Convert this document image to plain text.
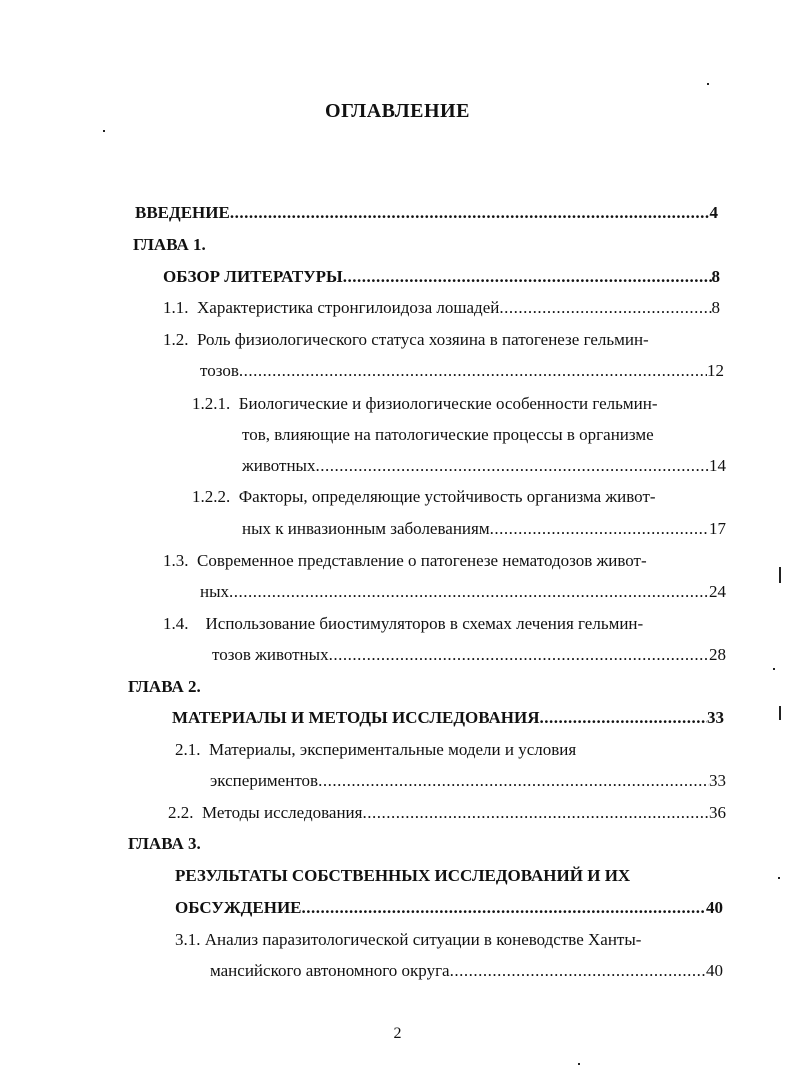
ОГЛАВЛЕНИЕ
ВВЕДЕНИЕ .....	4
ГЛАВА 1.
ОБЗОР ЛИТЕРАТУРЫ .....	8
1.1. Характеристика стронгилоидоза лошадей .....	8
1.2. Роль физиологического статуса хозяина в патогенезе гельмин-
тозов .....	12
1.2.1. Биологические и физиологические особенности гельмин-
тов, влияющие на патологические процессы в организме
животных .....	14
1.2.2. Факторы, определяющие устойчивость организма живот-
ных к инвазионным заболеваниям .....	17
1.3. Современное представление о патогенезе нематодозов живот-
ных .....	24
1.4. Использование биостимуляторов в схемах лечения гельмин-
тозов животных .....	28
ГЛАВА 2.
МАТЕРИАЛЫ И МЕТОДЫ ИССЛЕДОВАНИЯ .....	33
2.1. Материалы, экспериментальные модели и условия
экспериментов .....	33
2.2. Методы исследования .....	36
ГЛАВА 3.
РЕЗУЛЬТАТЫ СОБСТВЕННЫХ ИССЛЕДОВАНИЙ И ИХ
ОБСУЖДЕНИЕ .....	40
3.1. Анализ паразитологической ситуации в коневодстве Ханты-
мансийского автономного округа .....	40
2
